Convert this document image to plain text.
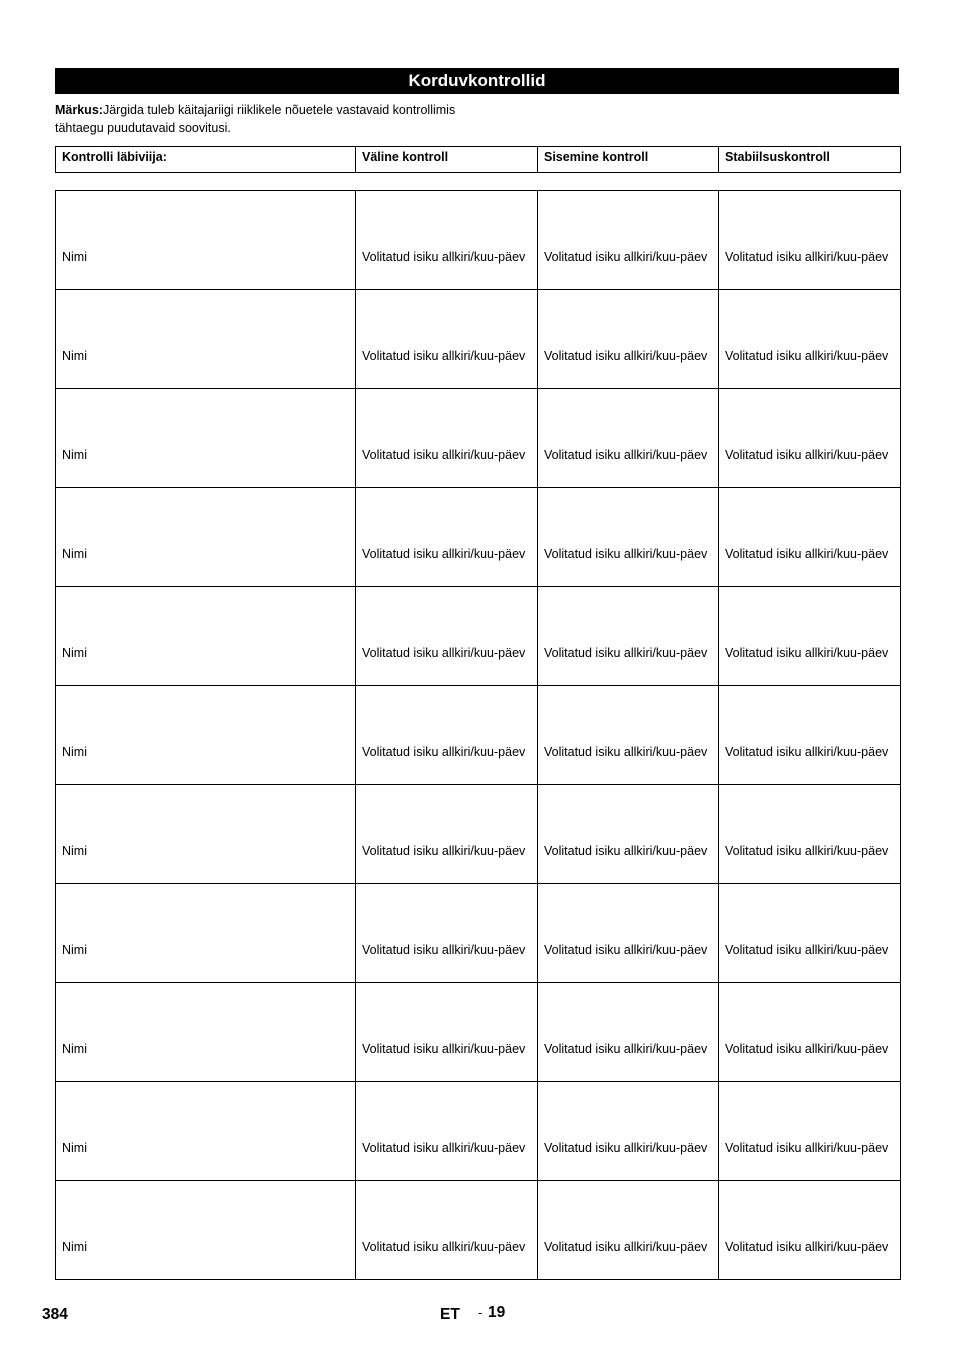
Korduvkontrollid
Märkus:Järgida tuleb käitajariigi riiklikele nõuetele vastavaid kontrollimis tähtaegu puudutavaid soovitusi.
Kontrolli läbiviija:	Väline kontroll	Sisemine kontroll	Stabiilsuskontroll
Nimi	Volitatud isiku allkiri/kuu-päev	Volitatud isiku allkiri/kuu-päev	Volitatud isiku allkiri/kuu-päev

Nimi	Volitatud isiku allkiri/kuu-päev	Volitatud isiku allkiri/kuu-päev	Volitatud isiku allkiri/kuu-päev

Nimi	Volitatud isiku allkiri/kuu-päev	Volitatud isiku allkiri/kuu-päev	Volitatud isiku allkiri/kuu-päev

Nimi	Volitatud isiku allkiri/kuu-päev	Volitatud isiku allkiri/kuu-päev	Volitatud isiku allkiri/kuu-päev

Nimi	Volitatud isiku allkiri/kuu-päev	Volitatud isiku allkiri/kuu-päev	Volitatud isiku allkiri/kuu-päev

Nimi	Volitatud isiku allkiri/kuu-päev	Volitatud isiku allkiri/kuu-päev	Volitatud isiku allkiri/kuu-päev

Nimi	Volitatud isiku allkiri/kuu-päev	Volitatud isiku allkiri/kuu-päev	Volitatud isiku allkiri/kuu-päev

Nimi	Volitatud isiku allkiri/kuu-päev	Volitatud isiku allkiri/kuu-päev	Volitatud isiku allkiri/kuu-päev

Nimi	Volitatud isiku allkiri/kuu-päev	Volitatud isiku allkiri/kuu-päev	Volitatud isiku allkiri/kuu-päev

Nimi	Volitatud isiku allkiri/kuu-päev	Volitatud isiku allkiri/kuu-päev	Volitatud isiku allkiri/kuu-päev

Nimi	Volitatud isiku allkiri/kuu-päev	Volitatud isiku allkiri/kuu-päev	Volitatud isiku allkiri/kuu-päev
384	ET - 19
